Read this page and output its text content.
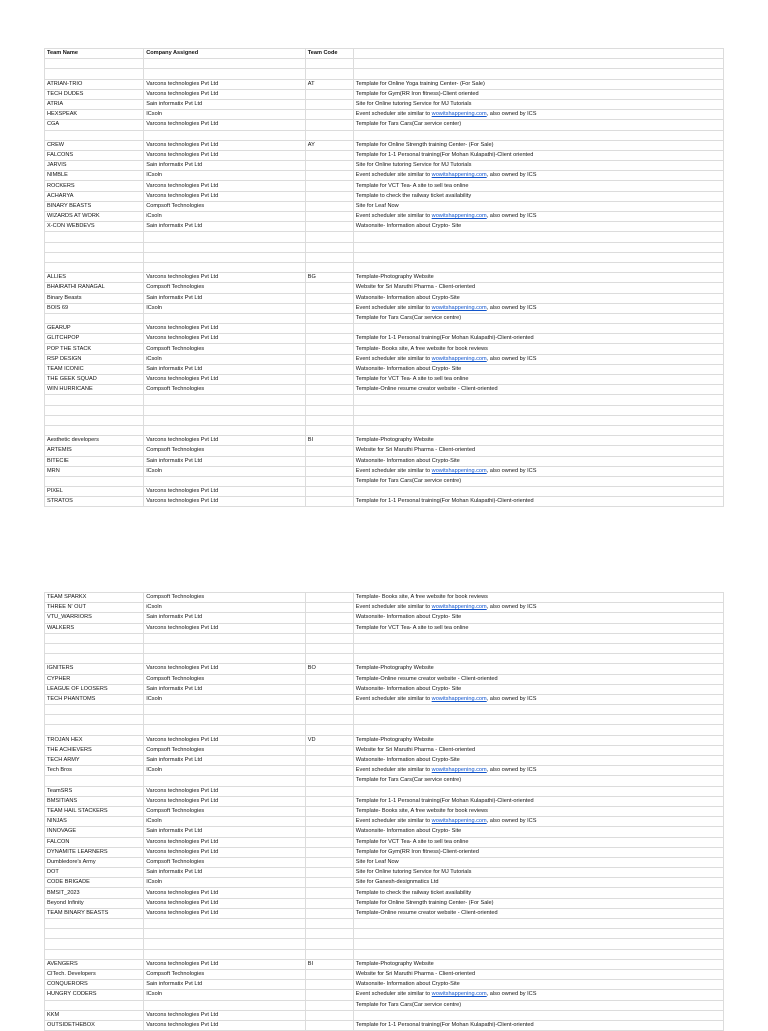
Team Name	Company Assigned	Team Code	

ATRIAN-TRIO	Varcons technologies Pvt Ltd	AT	Template for Online Yoga training Center- (For Sale)
TECH DUDES	Varcons technologies Pvt Ltd		Template for Gym(RR Iron fitness)-Client oriented
ATRIA	Sain informatix Pvt Ltd		Site for Online tutoring Service for MJ Tutorials
HEXSPEAK	ICsoln		Event scheduler site similar to wowitshappening.com, also owned by ICS
CGA	Varcons technologies Pvt Ltd		Template for Tars Cars(Car service center)

CREW	Varcons technologies Pvt Ltd	AY	Template for Online Strength training Center- (For Sale)
FALCONS	Varcons technologies Pvt Ltd		Template for 1-1 Personal training(For Mohan Kulapathi)-Client oriented
JARVIS	Sain informatix Pvt Ltd		Site for Online tutoring Service for MJ Tutorials
NIMBLE	ICsoln		Event scheduler site similar to wowitshappening.com, also owned by ICS
ROCKERS	Varcons technologies Pvt Ltd		Template for VCT Tea- A site to sell tea online
ACHARYA	Varcons technologies Pvt Ltd		Template to check the railway ticket availability
BINARY BEASTS	Compsoft Technologies		Site for Leaf Now
WIZARDS AT WORK	iCsoln		Event scheduler site similar to wowitshappening.com, also owned by ICS
X-CON WEBDEVS	Sain informatix Pvt Ltd		Watsonsite- Information about Crypto- Site

ALLIES	Varcons technologies Pvt Ltd	BG	Template-Photography Website
BHAIRATHI RANAGAL	Compsoft Technologies		Website for Sri Maruthi Pharma - Client-oriented
Binary Beasts	Sain informatix Pvt Ltd		Watsonsite- Information about Crypto-Site
BOIS 69	ICsoln		Event scheduler site similar to wowitshappening.com, also owned by ICS
			Template for Tars Cars(Car service centre)
GEARUP	Varcons technologies Pvt Ltd		
GLITCHPOP	Varcons technologies Pvt Ltd		Template for 1-1 Personal training(For Mohan Kulapathi)-Client-oriented
POP THE STACK	Compsoft Technologies		Template- Books site, A free website for book reviews
RSP DESIGN	iCsoln		Event scheduler site similar to wowitshappening.com, also owned by ICS
TEAM ICONIC	Sain informatix Pvt Ltd		Watsonsite- Information about Crypto- Site
THE GEEK SQUAD	Varcons technologies Pvt Ltd		Template for VCT Tea- A site to sell tea online
WIN HURRICANE	Compsoft Technologies		Template-Online resume creator website - Client-oriented

Aesthetic developers	Varcons technologies Pvt Ltd	BI	Template-Photography Website
ARTEMIS	Compsoft Technologies		Website for Sri Maruthi Pharma - Client-oriented
BITECIE	Sain informatix Pvt Ltd		Watsonsite- Information about Crypto-Site
MRN	ICsoln		Event scheduler site similar to wowitshappening.com, also owned by ICS
			Template for Tars Cars(Car service centre)
PIXEL	Varcons technologies Pvt Ltd		
STRATOS	Varcons technologies Pvt Ltd		Template for 1-1 Personal training(For Mohan Kulapathi)-Client-oriented
TEAM SPARKX	Compsoft Technologies		Template- Books site, A free website for book reviews
THREE N' OUT	iCsoln		Event scheduler site similar to wowitshappening.com, also owned by ICS
VTU_WARRIORS	Sain informatix Pvt Ltd		Watsonsite- Information about Crypto- Site
WALKERS	Varcons technologies Pvt Ltd		Template for VCT Tea- A site to sell tea online

IGNITERS	Varcons technologies Pvt Ltd	BO	Template-Photography Website
CYPHER	Compsoft Technologies		Template-Online resume creator website - Client-oriented
LEAGUE OF LOOSERS	Sain informatix Pvt Ltd		Watsonsite- Information about Crypto- Site
TECH PHANTOMS	ICsoln		Event scheduler site similar to wowitshappening.com, also owned by ICS

TROJAN HEX	Varcons technologies Pvt Ltd	VD	Template-Photography Website
THE ACHIEVERS	Compsoft Technologies		Website for Sri Maruthi Pharma - Client-oriented
TECH ARMY	Sain informatix Pvt Ltd		Watsonsite- Information about Crypto-Site
Tech Bros	ICsoln		Event scheduler site similar to wowitshappening.com, also owned by ICS
			Template for Tars Cars(Car service centre)
TeamSRS	Varcons technologies Pvt Ltd		
BMSITIANS	Varcons technologies Pvt Ltd		Template for 1-1 Personal training(For Mohan Kulapathi)-Client-oriented
TEAM HAIL STACKERS	Compsoft Technologies		Template- Books site, A free website for book reviews
NINJAS	iCsoln		Event scheduler site similar to wowitshappening.com, also owned by ICS
INNOVAGE	Sain informatix Pvt Ltd		Watsonsite- Information about Crypto- Site
FALCON	Varcons technologies Pvt Ltd		Template for VCT Tea- A site to sell tea online
DYNAMITE LEARNERS	Varcons technologies Pvt Ltd		Template for Gym(RR Iron fitness)-Client-oriented
Dumbledore's Army	Compsoft Technologies		Site for Leaf Now
DOT	Sain informatix Pvt Ltd		Site for Online tutoring Service for MJ Tutorials
CODE BRIGADE	ICsoln		Site for Ganesh-designmatics Ltd
BMSIT_2023	Varcons technologies Pvt Ltd		Template to check the railway ticket availability
Beyond Infinity	Varcons technologies Pvt Ltd		Template for Online Strength training Center- (For Sale)
TEAM BINARY BEASTS	Varcons technologies Pvt Ltd		Template-Online resume creator website - Client-oriented

AVENGERS	Varcons technologies Pvt Ltd	BI	Template-Photography Website
CITech. Developers	Compsoft Technologies		Website for Sri Maruthi Pharma - Client-oriented
CONQUERORS	Sain informatix Pvt Ltd		Watsonsite- Information about Crypto-Site
HUNGRY CODERS	ICsoln		Event scheduler site similar to wowitshappening.com, also owned by ICS
			Template for Tars Cars(Car service centre)
KKM	Varcons technologies Pvt Ltd		
OUTSIDETHEBOX	Varcons technologies Pvt Ltd		Template for 1-1 Personal training(For Mohan Kulapathi)-Client-oriented
